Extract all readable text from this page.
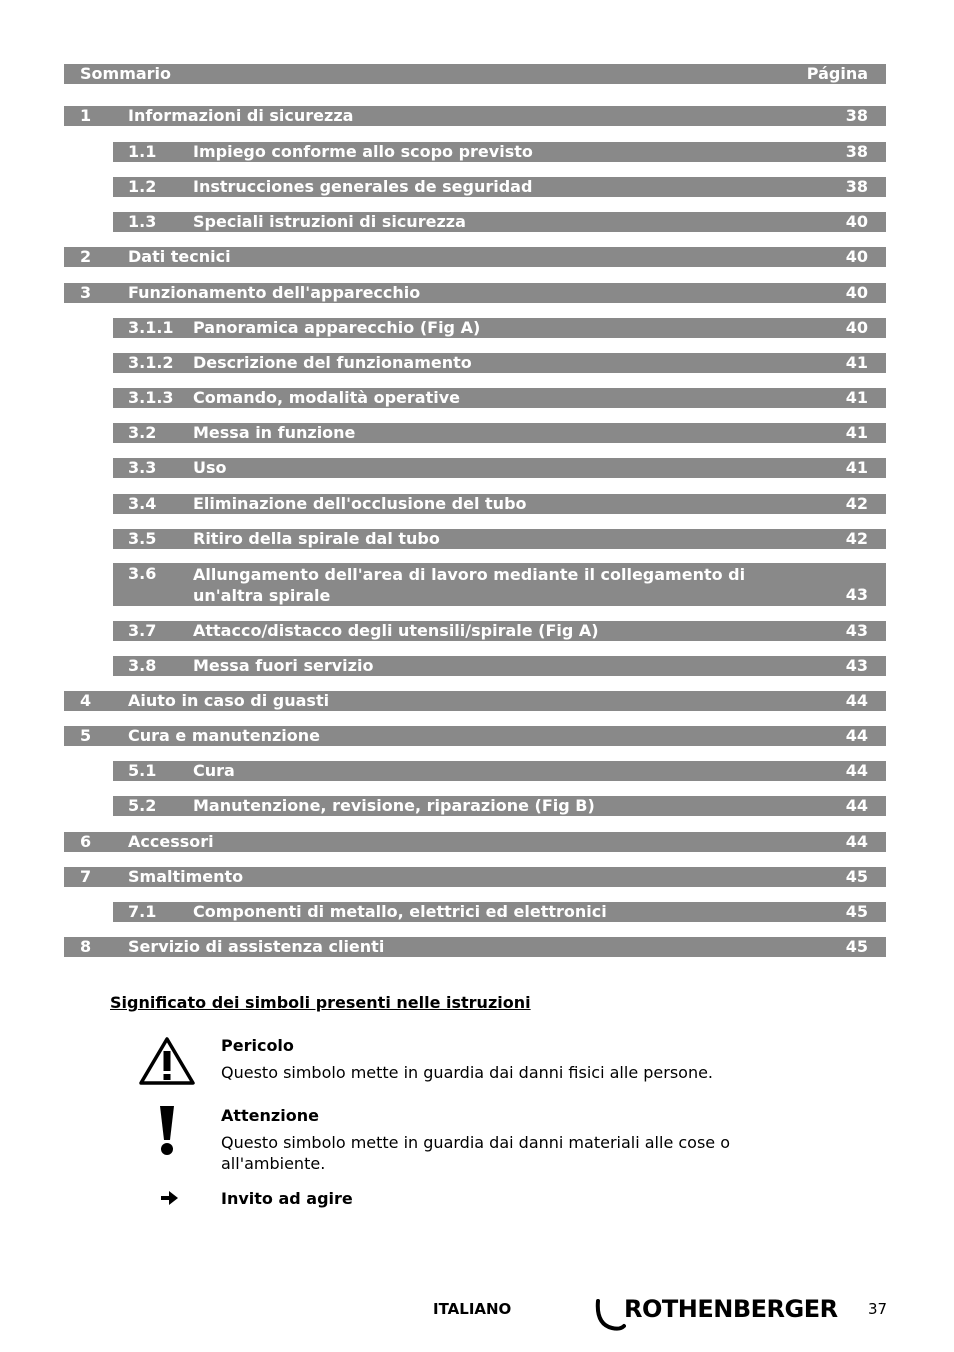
Sommario	Página
1 Informazioni di sicurezza	38
1.1 Impiego conforme allo scopo previsto	38
1.2 Instrucciones generales de seguridad	38
1.3 Speciali istruzioni di sicurezza	40
2 Dati tecnici	40
3 Funzionamento dell'apparecchio	40
3.1.1 Panoramica apparecchio (Fig A)	40
3.1.2 Descrizione del funzionamento	41
3.1.3 Comando, modalità operative	41
3.2 Messa in funzione	41
3.3 Uso	41
3.4 Eliminazione dell'occlusione del tubo	42
3.5 Ritiro della spirale dal tubo	42
3.6 Allungamento dell'area di lavoro mediante il collegamento di
un'altra spirale	43
3.7 Attacco/distacco degli utensili/spirale (Fig A)	43
3.8 Messa fuori servizio	43
4 Aiuto in caso di guasti	44
5 Cura e manutenzione	44
5.1 Cura	44
5.2 Manutenzione, revisione, riparazione (Fig B)	44
6 Accessori	44
7 Smaltimento	45
7.1 Componenti di metallo, elettrici ed elettronici	45
8 Servizio di assistenza clienti	45
Significato dei simboli presenti nelle istruzioni
Pericolo
Questo simbolo mette in guardia dai danni fisici alle persone.
Attenzione
Questo simbolo mette in guardia dai danni materiali alle cose o
all'ambiente.
Invito ad agire
ITALIANO	ROTHENBERGER 37
